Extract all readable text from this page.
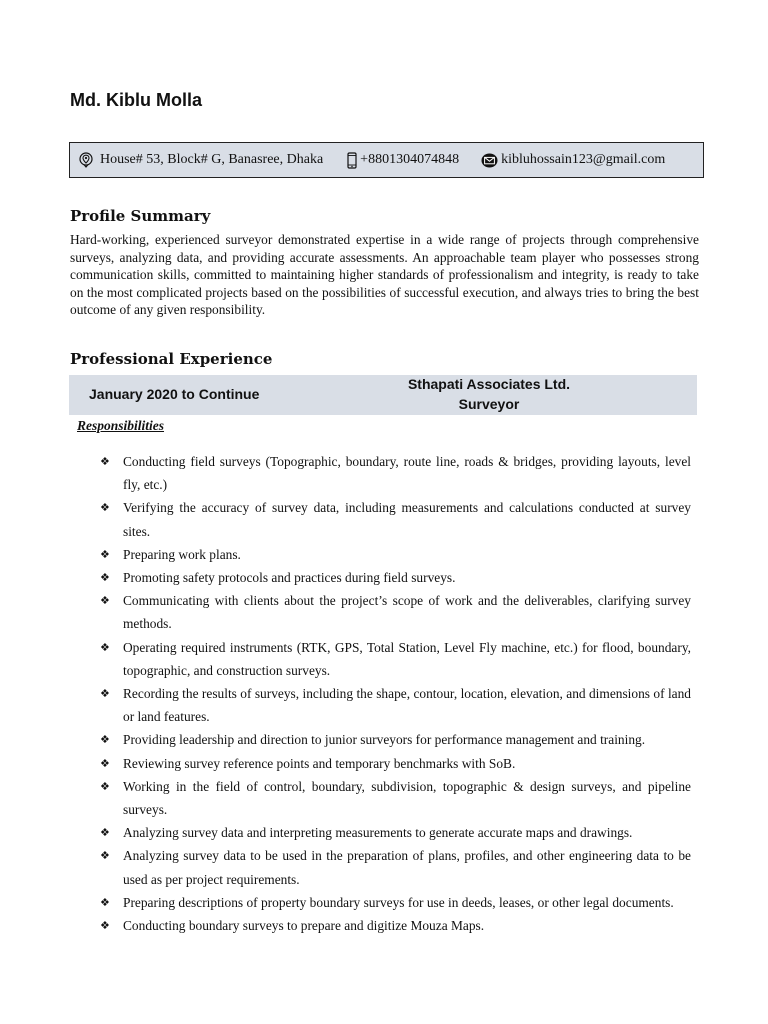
Md. Kiblu Molla
House# 53, Block# G, Banasree, Dhaka	+8801304074848	kibluhossain123@gmail.com
Profile Summary
Hard-working, experienced surveyor demonstrated expertise in a wide range of projects through comprehensive surveys, analyzing data, and providing accurate assessments. An approachable team player who possesses strong communication skills, committed to maintaining higher standards of professionalism and integrity, is ready to take on the most complicated projects based on the possibilities of successful execution, and always tries to bring the best outcome of any given responsibility.
Professional Experience
January 2020 to Continue
Sthapati Associates Ltd.
Surveyor
Responsibilities
❖ Conducting field surveys (Topographic, boundary, route line, roads & bridges, providing layouts, level fly, etc.)
❖ Verifying the accuracy of survey data, including measurements and calculations conducted at survey sites.
❖ Preparing work plans.
❖ Promoting safety protocols and practices during field surveys.
❖ Communicating with clients about the project’s scope of work and the deliverables, clarifying survey methods.
❖ Operating required instruments (RTK, GPS, Total Station, Level Fly machine, etc.) for flood, boundary, topographic, and construction surveys.
❖ Recording the results of surveys, including the shape, contour, location, elevation, and dimensions of land or land features.
❖ Providing leadership and direction to junior surveyors for performance management and training.
❖ Reviewing survey reference points and temporary benchmarks with SoB.
❖ Working in the field of control, boundary, subdivision, topographic & design surveys, and pipeline surveys.
❖ Analyzing survey data and interpreting measurements to generate accurate maps and drawings.
❖ Analyzing survey data to be used in the preparation of plans, profiles, and other engineering data to be used as per project requirements.
❖ Preparing descriptions of property boundary surveys for use in deeds, leases, or other legal documents.
❖ Conducting boundary surveys to prepare and digitize Mouza Maps.
